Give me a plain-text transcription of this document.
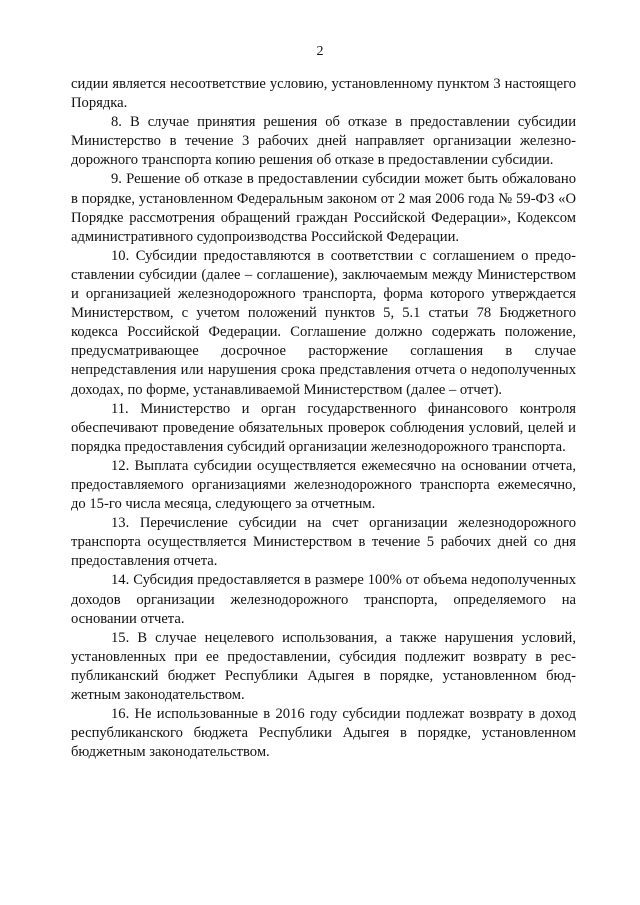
2

сидии является несоответствие условию, установленному пунктом 3 настоящего Порядка.

8. В случае принятия решения об отказе в предоставлении субсидии Министерство в течение 3 рабочих дней направляет организации железнодорожного транспорта копию решения об отказе в предоставлении субсидии.

9. Решение об отказе в предоставлении субсидии может быть обжаловано в порядке, установленном Федеральным законом от 2 мая 2006 года № 59-ФЗ «О Порядке рассмотрения обращений граждан Российской Федерации», Кодексом административного судопроизводства Российской Федерации.

10. Субсидии предоставляются в соответствии с соглашением о предоставлении субсидии (далее – соглашение), заключаемым между Министерством и организацией железнодорожного транспорта, форма которого утверждается Министерством, с учетом положений пунктов 5, 5.1 статьи 78 Бюджетного кодекса Российской Федерации. Соглашение должно содержать положение, предусматривающее досрочное расторжение соглашения в случае непредставления или нарушения срока представления отчета о недополученных доходах, по форме, устанавливаемой Министерством (далее – отчет).

11. Министерство и орган государственного финансового контроля обеспечивают проведение обязательных проверок соблюдения условий, целей и порядка предоставления субсидий организации железнодорожного транспорта.

12. Выплата субсидии осуществляется ежемесячно на основании отчета, предоставляемого организациями железнодорожного транспорта ежемесячно, до 15-го числа месяца, следующего за отчетным.

13. Перечисление субсидии на счет организации железнодорожного транспорта осуществляется Министерством в течение 5 рабочих дней со дня предоставления отчета.

14. Субсидия предоставляется в размере 100% от объема недополученных доходов организации железнодорожного транспорта, определяемого на основании отчета.

15. В случае нецелевого использования, а также нарушения условий, установленных при ее предоставлении, субсидия подлежит возврату в республиканский бюджет Республики Адыгея в порядке, установленном бюджетным законодательством.

16. Не использованные в 2016 году субсидии подлежат возврату в доход республиканского бюджета Республики Адыгея в порядке, установленном бюджетным законодательством.
